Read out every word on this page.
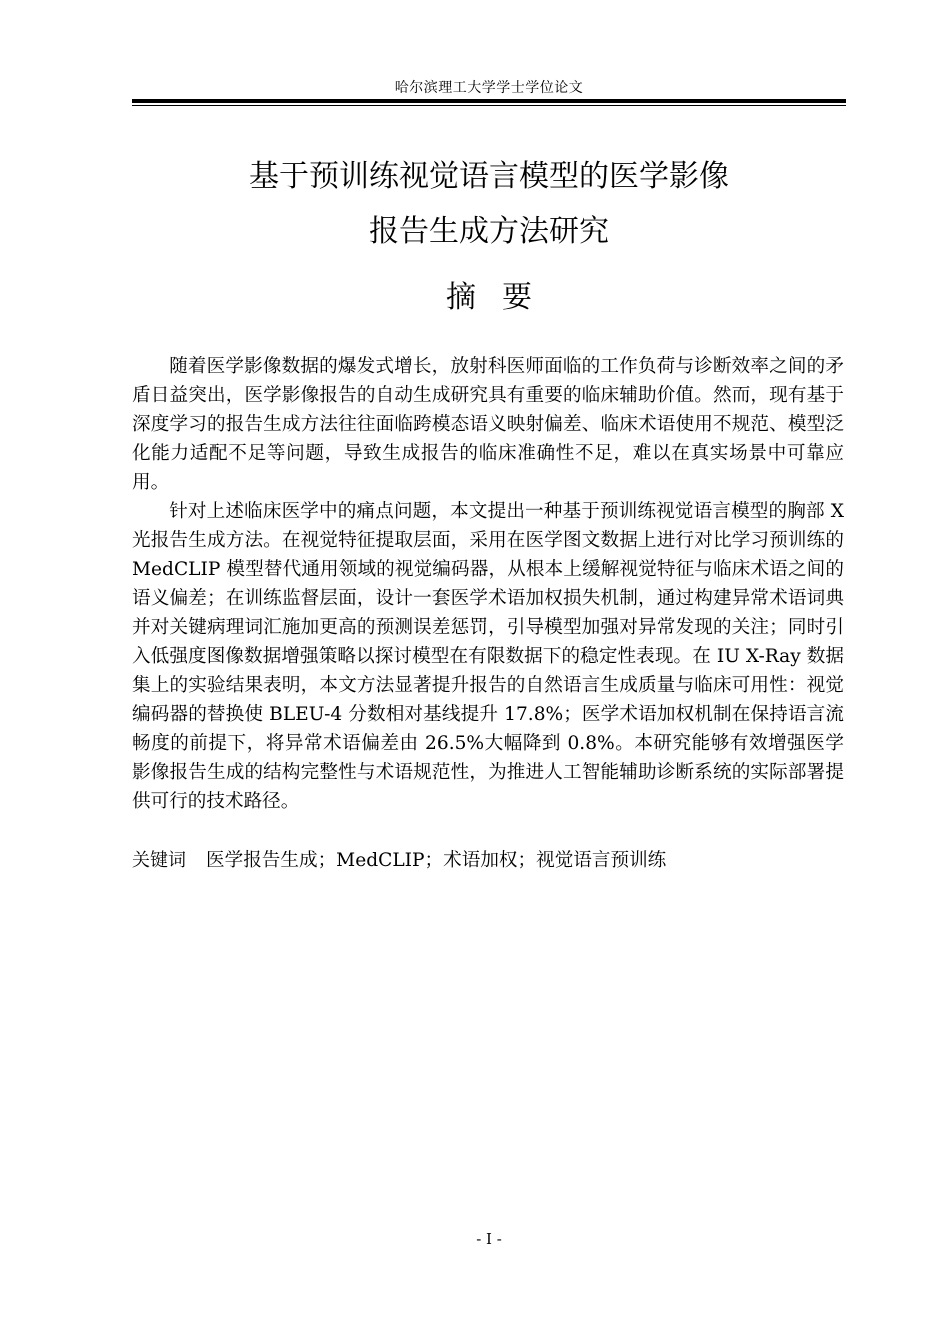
哈尔滨理工大学学士学位论文
基于预训练视觉语言模型的医学影像
报告生成方法研究
摘要

随着医学影像数据的爆发式增长，放射科医师面临的工作负荷与诊断效率之间的矛盾日益突出，医学影像报告的自动生成研究具有重要的临床辅助价值。然而，现有基于深度学习的报告生成方法往往面临跨模态语义映射偏差、临床术语使用不规范、模型泛化能力适配不足等问题，导致生成报告的临床准确性不足，难以在真实场景中可靠应用。

针对上述临床医学中的痛点问题，本文提出一种基于预训练视觉语言模型的胸部 X 光报告生成方法。在视觉特征提取层面，采用在医学图文数据上进行对比学习预训练的 MedCLIP 模型替代通用领域的视觉编码器，从根本上缓解视觉特征与临床术语之间的语义偏差；在训练监督层面，设计一套医学术语加权损失机制，通过构建异常术语词典并对关键病理词汇施加更高的预测误差惩罚，引导模型加强对异常发现的关注；同时引入低强度图像数据增强策略以探讨模型在有限数据下的稳定性表现。在 IU X-Ray 数据集上的实验结果表明，本文方法显著提升报告的自然语言生成质量与临床可用性：视觉编码器的替换使 BLEU-4 分数相对基线提升 17.8%；医学术语加权机制在保持语言流畅度的前提下，将异常术语偏差由 26.5%大幅降到 0.8%。本研究能够有效增强医学影像报告生成的结构完整性与术语规范性，为推进人工智能辅助诊断系统的实际部署提供可行的技术路径。

关键词 医学报告生成；MedCLIP；术语加权；视觉语言预训练
- I -
